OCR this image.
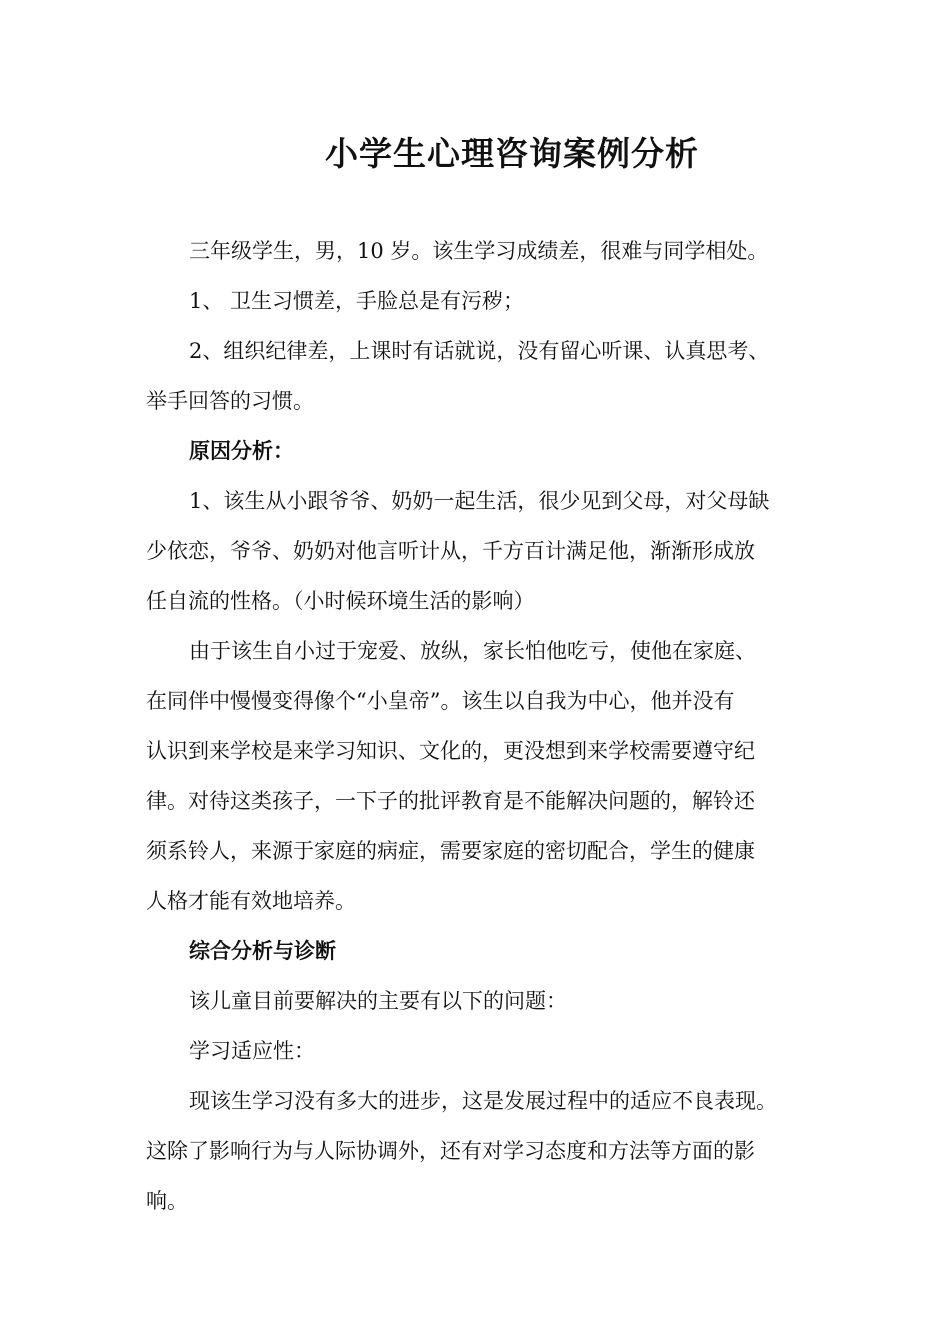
小学生心理咨询案例分析

三年级学生，男，10 岁。该生学习成绩差，很难与同学相处。

1、 卫生习惯差，手脸总是有污秽；

2、组织纪律差，上课时有话就说，没有留心听课、认真思考、

举手回答的习惯。

原因分析：

1、该生从小跟爷爷、奶奶一起生活，很少见到父母，对父母缺

少依恋，爷爷、奶奶对他言听计从，千方百计满足他，渐渐形成放

任自流的性格。（小时候环境生活的影响）

由于该生自小过于宠爱、放纵，家长怕他吃亏，使他在家庭、

在同伴中慢慢变得像个“小皇帝”。该生以自我为中心，他并没有

认识到来学校是来学习知识、文化的，更没想到来学校需要遵守纪

律。对待这类孩子，一下子的批评教育是不能解决问题的，解铃还

须系铃人，来源于家庭的病症，需要家庭的密切配合，学生的健康

人格才能有效地培养。

综合分析与诊断

该儿童目前要解决的主要有以下的问题：

学习适应性：

现该生学习没有多大的进步，这是发展过程中的适应不良表现。

这除了影响行为与人际协调外，还有对学习态度和方法等方面的影

响。
